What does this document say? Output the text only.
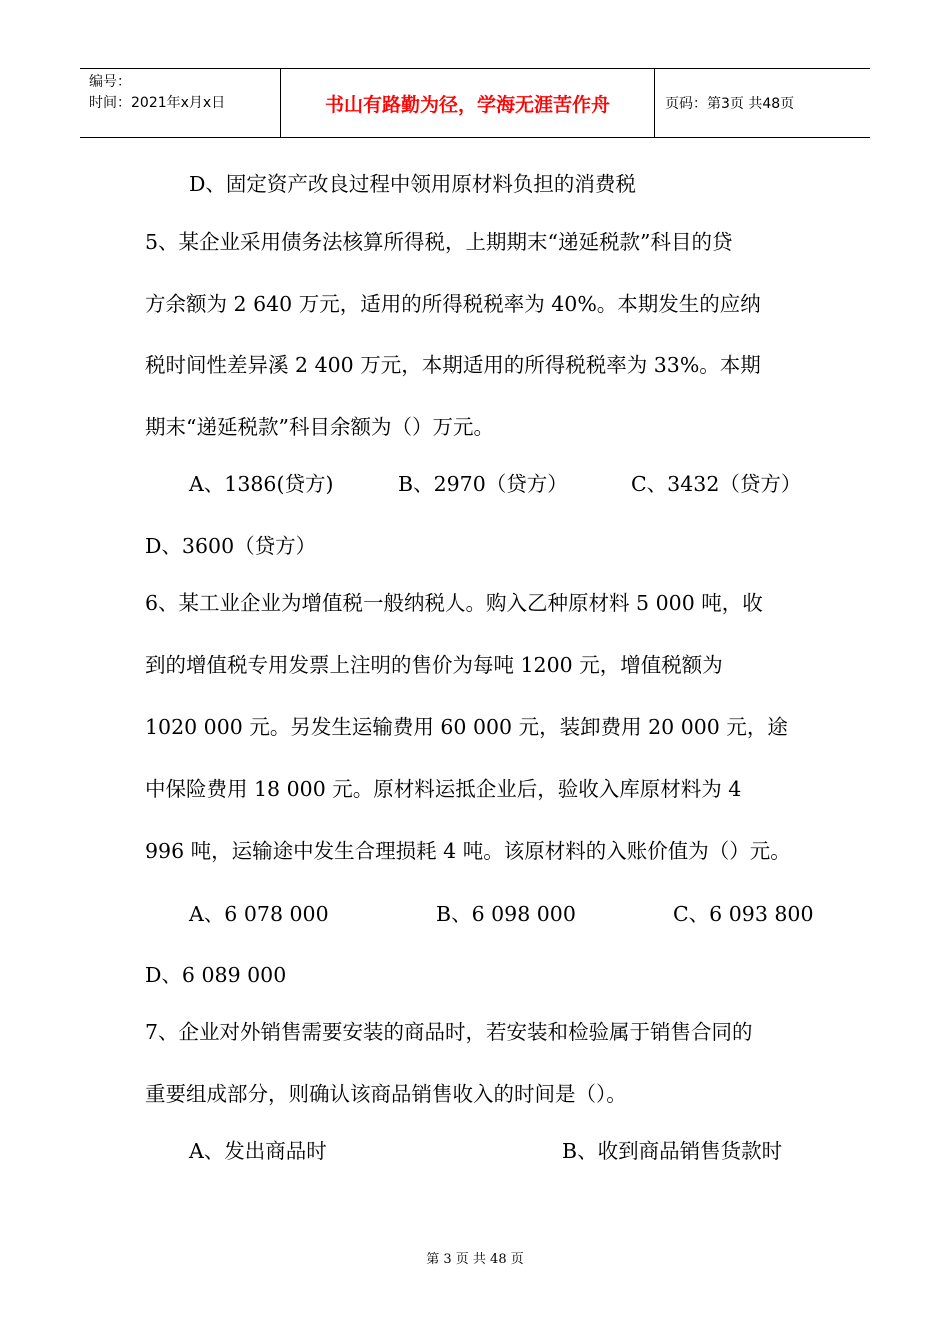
编号：
时间：2021年x月x日	书山有路勤为径，学海无涯苦作舟	页码：第3页 共48页
D、固定资产改良过程中领用原材料负担的消费税
5、某企业采用债务法核算所得税，上期期末“递延税款”科目的贷
方余额为 2 640 万元，适用的所得税税率为 40%。本期发生的应纳
税时间性差异溪 2 400 万元，本期适用的所得税税率为 33%。本期
期末“递延税款”科目余额为（）万元。
A、1386(贷方)	B、2970（贷方）	C、3432（贷方）
D、3600（贷方）
6、某工业企业为增值税一般纳税人。购入乙种原材料 5 000 吨，收
到的增值税专用发票上注明的售价为每吨 1200 元，增值税额为
1020 000 元。另发生运输费用 60 000 元，装卸费用 20 000 元，途
中保险费用 18 000 元。原材料运抵企业后，验收入库原材料为 4
996 吨，运输途中发生合理损耗 4 吨。该原材料的入账价值为（）元。
A、6 078 000	B、6 098 000	C、6 093 800
D、6 089 000
7、企业对外销售需要安装的商品时，若安装和检验属于销售合同的
重要组成部分，则确认该商品销售收入的时间是（）。
A、发出商品时	B、收到商品销售货款时
第 3 页 共 48 页
